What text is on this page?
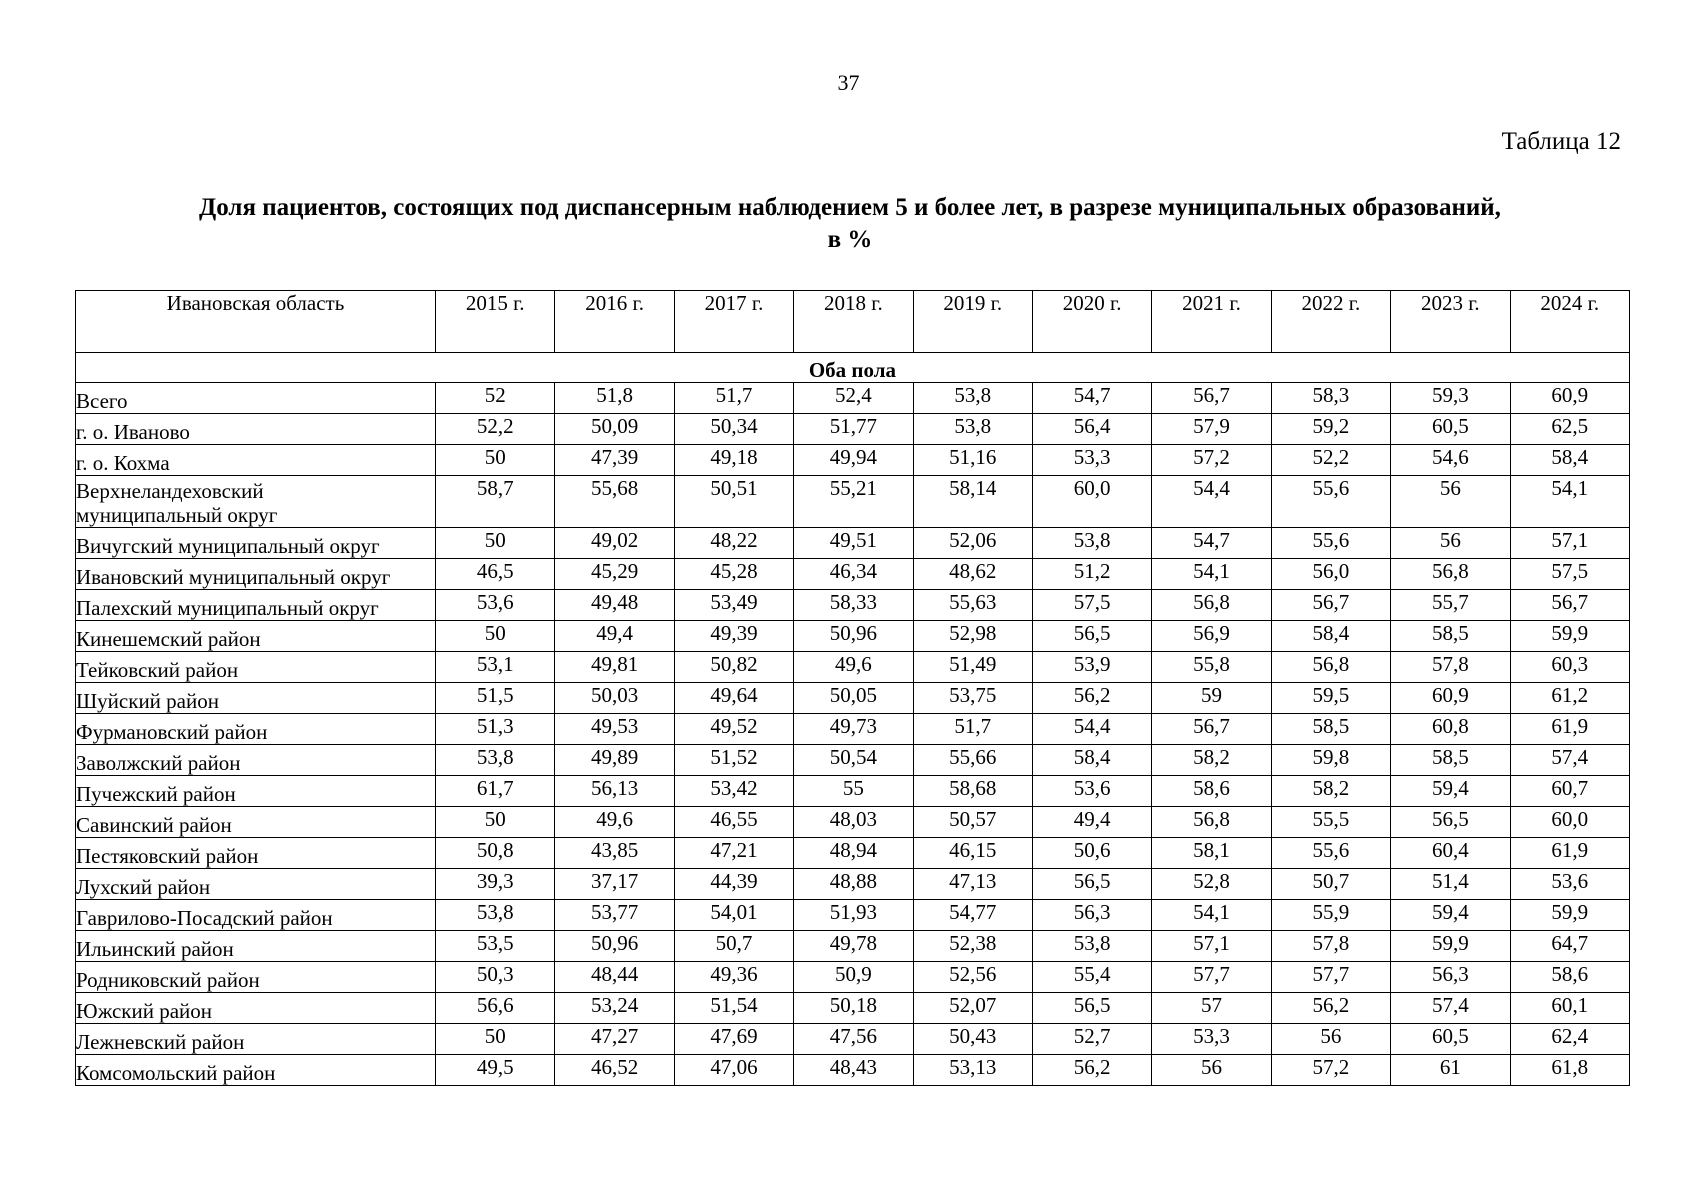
37
Таблица 12
Доля пациентов, состоящих под диспансерным наблюдением 5 и более лет, в разрезе муниципальных образований,
в %
Ивановская область	2015 г.	2016 г.	2017 г.	2018 г.	2019 г.	2020 г.	2021 г.	2022 г.	2023 г.	2024 г.
Оба пола										
Всего	52	51,8	51,7	52,4	53,8	54,7	56,7	58,3	59,3	60,9
г. о. Иваново	52,2	50,09	50,34	51,77	53,8	56,4	57,9	59,2	60,5	62,5
г. о. Кохма	50	47,39	49,18	49,94	51,16	53,3	57,2	52,2	54,6	58,4

Верхнеландеховский
муниципальный округ	58,7	55,68	50,51	55,21	58,14	60,0	54,4	55,6	56	54,1
Вичугский муниципальный округ	50	49,02	48,22	49,51	52,06	53,8	54,7	55,6	56	57,1
Ивановский муниципальный округ	46,5	45,29	45,28	46,34	48,62	51,2	54,1	56,0	56,8	57,5
Палехский муниципальный округ	53,6	49,48	53,49	58,33	55,63	57,5	56,8	56,7	55,7	56,7
Кинешемский район	50	49,4	49,39	50,96	52,98	56,5	56,9	58,4	58,5	59,9
Тейковский район	53,1	49,81	50,82	49,6	51,49	53,9	55,8	56,8	57,8	60,3
Шуйский район	51,5	50,03	49,64	50,05	53,75	56,2	59	59,5	60,9	61,2
Фурмановский район	51,3	49,53	49,52	49,73	51,7	54,4	56,7	58,5	60,8	61,9
Заволжский район	53,8	49,89	51,52	50,54	55,66	58,4	58,2	59,8	58,5	57,4
Пучежский район	61,7	56,13	53,42	55	58,68	53,6	58,6	58,2	59,4	60,7
Савинский район	50	49,6	46,55	48,03	50,57	49,4	56,8	55,5	56,5	60,0
Пестяковский район	50,8	43,85	47,21	48,94	46,15	50,6	58,1	55,6	60,4	61,9
Лухский район	39,3	37,17	44,39	48,88	47,13	56,5	52,8	50,7	51,4	53,6
Гаврилово-Посадский район	53,8	53,77	54,01	51,93	54,77	56,3	54,1	55,9	59,4	59,9
Ильинский район	53,5	50,96	50,7	49,78	52,38	53,8	57,1	57,8	59,9	64,7
Родниковский район	50,3	48,44	49,36	50,9	52,56	55,4	57,7	57,7	56,3	58,6
Южский район	56,6	53,24	51,54	50,18	52,07	56,5	57	56,2	57,4	60,1
Лежневский район	50	47,27	47,69	47,56	50,43	52,7	53,3	56	60,5	62,4
Комсомольский район	49,5	46,52	47,06	48,43	53,13	56,2	56	57,2	61	61,8
